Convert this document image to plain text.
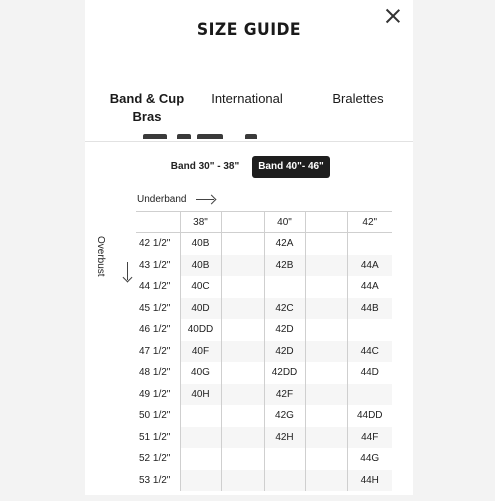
SIZE GUIDE
Band & Cup Bras
International	Bralettes
Band 30" - 38"	Band 40"- 46"
Underband
Overbust
	38"		40"		42"
42 1/2"	40B		42A		
43 1/2"	40B		42B		44A
44 1/2"	40C				44A
45 1/2"	40D		42C		44B
46 1/2"	40DD		42D		
47 1/2"	40F		42D		44C
48 1/2"	40G		42DD		44D
49 1/2"	40H		42F		
50 1/2"			42G		44DD
51 1/2"			42H		44F
52 1/2"					44G
53 1/2"					44H
